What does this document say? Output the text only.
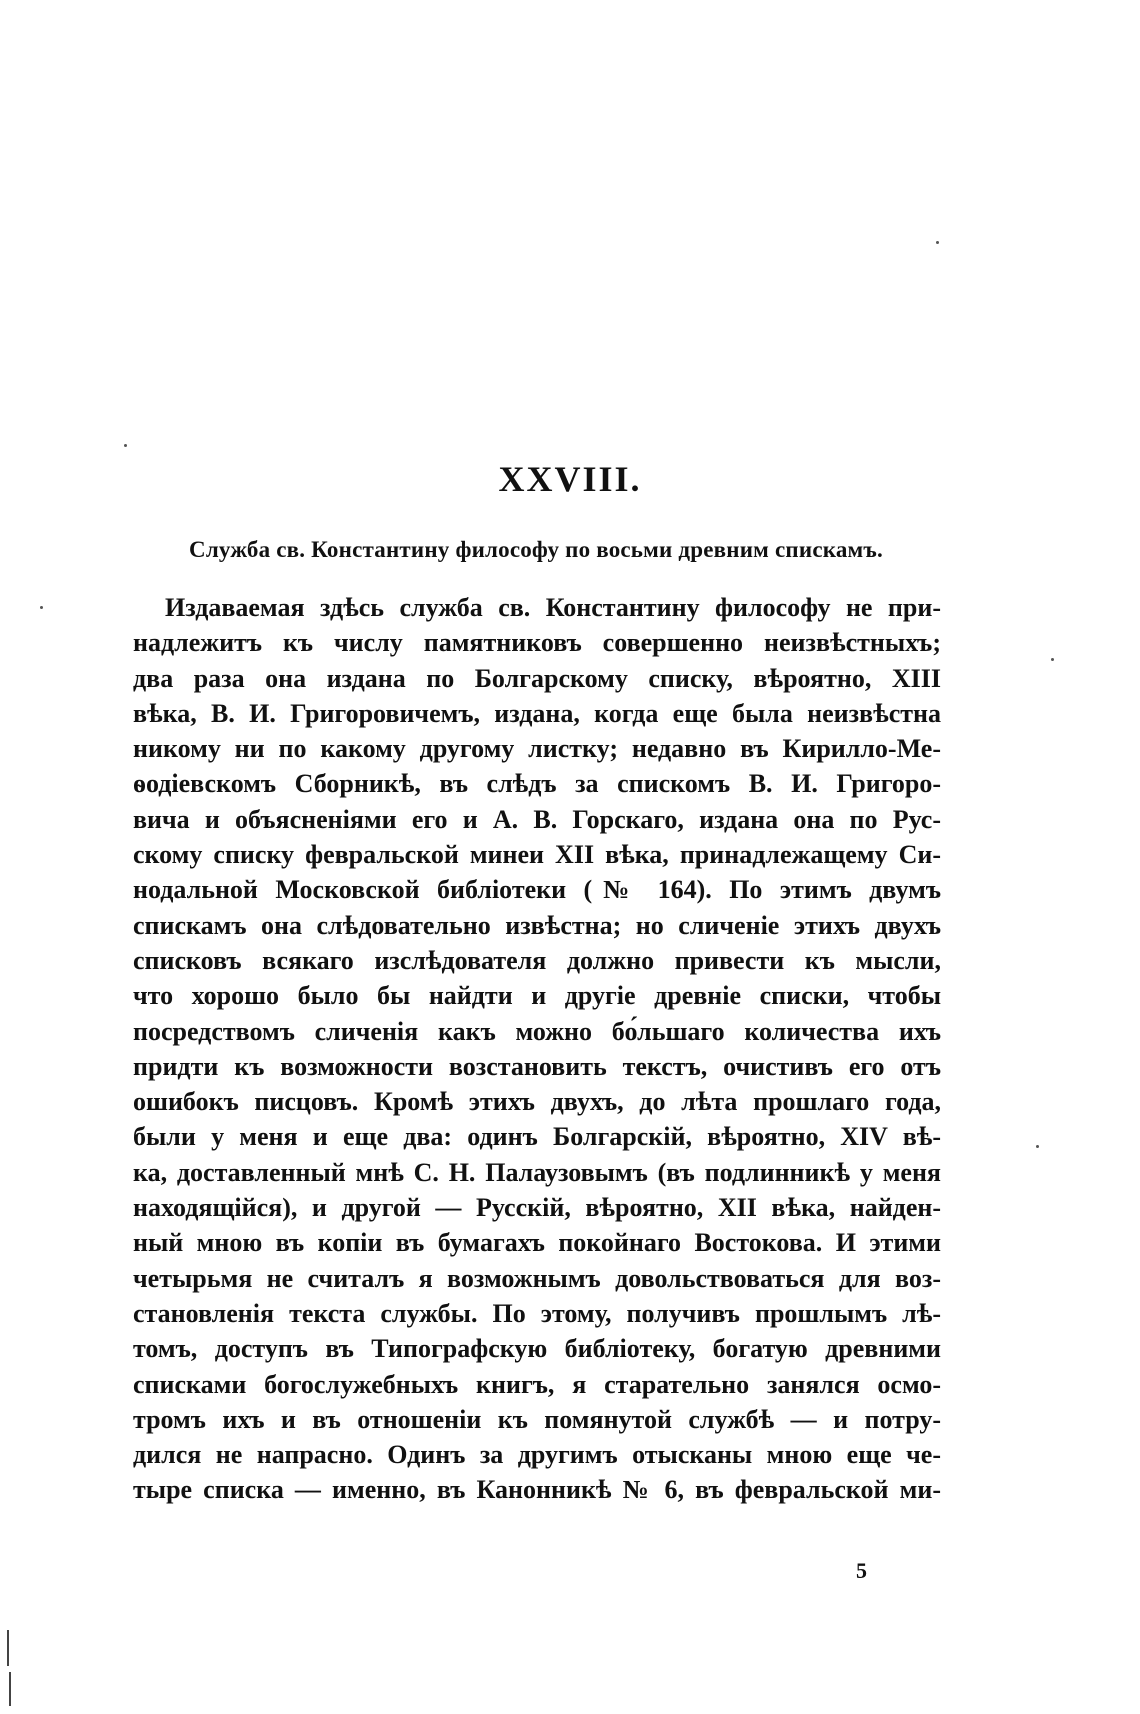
XXVIII.
Служба св. Константину философу по восьми древним спискамъ.
Издаваемая здѣсь служба св. Константину философу не при-
надлежитъ къ числу памятниковъ совершенно неизвѣстныхъ;
два раза она издана по Болгарскому списку, вѣроятно, XIII
вѣка, В. И. Григоровичемъ, издана, когда еще была неизвѣстна
никому ни по какому другому листку; недавно въ Кирилло-Ме-
ѳодіевскомъ Сборникѣ, въ слѣдъ за спискомъ В. И. Григоро-
вича и объясненіями его и А. В. Горскаго, издана она по Рус-
скому списку февральской минеи XII вѣка, принадлежащему Си-
нодальной Московской библіотеки (№ 164). По этимъ двумъ
спискамъ она слѣдовательно извѣстна; но сличеніе этихъ двухъ
списковъ всякаго изслѣдователя должно привести къ мысли,
что хорошо было бы найдти и другіе древніе списки, чтобы
посредствомъ сличенія какъ можно бо́льшаго количества ихъ
придти къ возможности возстановить текстъ, очистивъ его отъ
ошибокъ писцовъ. Кромѣ этихъ двухъ, до лѣта прошлаго года,
были у меня и еще два: одинъ Болгарскій, вѣроятно, XIV вѣ-
ка, доставленный мнѣ С. Н. Палаузовымъ (въ подлинникѣ у меня
находящійся), и другой — Русскій, вѣроятно, XII вѣка, найден-
ный мною въ копіи въ бумагахъ покойнаго Востокова. И этими
четырьмя не считалъ я возможнымъ довольствоваться для воз-
становленія текста службы. По этому, получивъ прошлымъ лѣ-
томъ, доступъ въ Типографскую библіотеку, богатую древними
списками богослужебныхъ книгъ, я старательно занялся осмо-
тромъ ихъ и въ отношеніи къ помянутой службѣ — и потру-
дился не напрасно. Одинъ за другимъ отысканы мною еще че-
тыре списка — именно, въ Канонникѣ № 6, въ февральской ми-
5
